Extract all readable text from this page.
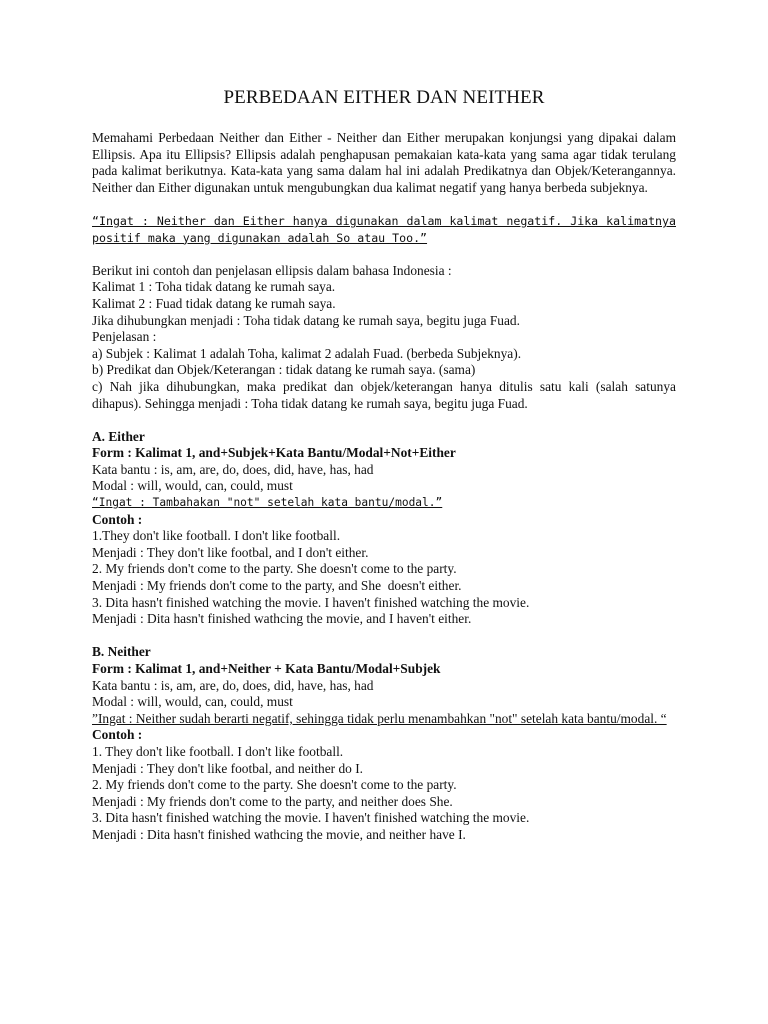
PERBEDAAN EITHER DAN NEITHER

Memahami Perbedaan Neither dan Either - Neither dan Either merupakan konjungsi yang dipakai dalam Ellipsis. Apa itu Ellipsis? Ellipsis adalah penghapusan pemakaian kata-kata yang sama agar tidak terulang pada kalimat berikutnya. Kata-kata yang sama dalam hal ini adalah Predikatnya dan Objek/Keterangannya. Neither dan Either digunakan untuk mengubungkan dua kalimat negatif yang hanya berbeda subjeknya.

“Ingat : Neither dan Either hanya digunakan dalam kalimat negatif. Jika kalimatnya positif maka yang digunakan adalah So atau Too.”

Berikut ini contoh dan penjelasan ellipsis dalam bahasa Indonesia :
Kalimat 1 : Toha tidak datang ke rumah saya.
Kalimat 2 : Fuad tidak datang ke rumah saya.
Jika dihubungkan menjadi : Toha tidak datang ke rumah saya, begitu juga Fuad.
Penjelasan :
a) Subjek : Kalimat 1 adalah Toha, kalimat 2 adalah Fuad. (berbeda Subjeknya).
b) Predikat dan Objek/Keterangan : tidak datang ke rumah saya. (sama)

c) Nah jika dihubungkan, maka predikat dan objek/keterangan hanya ditulis satu kali (salah satunya dihapus). Sehingga menjadi : Toha tidak datang ke rumah saya, begitu juga Fuad.

A. Either
Form : Kalimat 1, and+Subjek+Kata Bantu/Modal+Not+Either
Kata bantu : is, am, are, do, does, did, have, has, had
Modal : will, would, can, could, must
“Ingat : Tambahakan "not" setelah kata bantu/modal.”
Contoh :
1.They don't like football. I don't like football.
Menjadi : They don't like footbal, and I don't either.
2. My friends don't come to the party. She doesn't come to the party.
Menjadi : My friends don't come to the party, and She  doesn't either.
3. Dita hasn't finished watching the movie. I haven't finished watching the movie.
Menjadi : Dita hasn't finished wathcing the movie, and I haven't either.
B. Neither
Form : Kalimat 1, and+Neither + Kata Bantu/Modal+Subjek
Kata bantu : is, am, are, do, does, did, have, has, had
Modal : will, would, can, could, must

”Ingat : Neither sudah berarti negatif, sehingga tidak perlu menambahkan "not" setelah kata bantu/modal. “

Contoh :
1. They don't like football. I don't like football.
Menjadi : They don't like footbal, and neither do I.
2. My friends don't come to the party. She doesn't come to the party.
Menjadi : My friends don't come to the party, and neither does She.
3. Dita hasn't finished watching the movie. I haven't finished watching the movie.
Menjadi : Dita hasn't finished wathcing the movie, and neither have I.
